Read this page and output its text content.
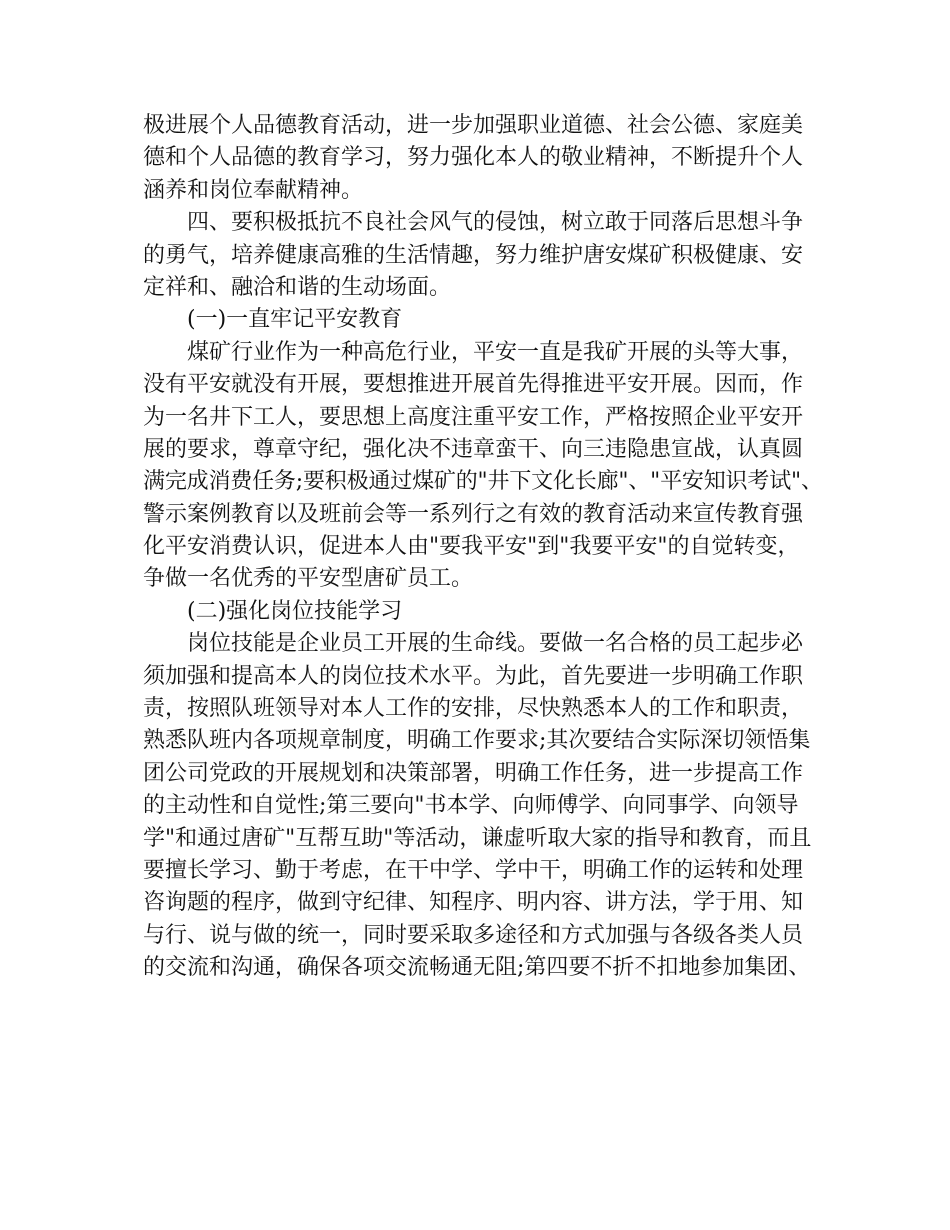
极进展个人品德教育活动，进一步加强职业道德、社会公德、家庭美

德和个人品德的教育学习，努力强化本人的敬业精神，不断提升个人

涵养和岗位奉献精神。

四、要积极抵抗不良社会风气的侵蚀，树立敢于同落后思想斗争

的勇气，培养健康高雅的生活情趣，努力维护唐安煤矿积极健康、安

定祥和、融洽和谐的生动场面。

(一)一直牢记平安教育

煤矿行业作为一种高危行业，平安一直是我矿开展的头等大事，

没有平安就没有开展，要想推进开展首先得推进平安开展。因而，作

为一名井下工人，要思想上高度注重平安工作，严格按照企业平安开

展的要求，尊章守纪，强化决不违章蛮干、向三违隐患宣战，认真圆

满完成消费任务;要积极通过煤矿的"井下文化长廊"、"平安知识考试"、

警示案例教育以及班前会等一系列行之有效的教育活动来宣传教育强

化平安消费认识，促进本人由"要我平安"到"我要平安"的自觉转变，

争做一名优秀的平安型唐矿员工。

(二)强化岗位技能学习

岗位技能是企业员工开展的生命线。要做一名合格的员工起步必

须加强和提高本人的岗位技术水平。为此，首先要进一步明确工作职

责，按照队班领导对本人工作的安排，尽快熟悉本人的工作和职责，

熟悉队班内各项规章制度，明确工作要求;其次要结合实际深切领悟集

团公司党政的开展规划和决策部署，明确工作任务，进一步提高工作

的主动性和自觉性;第三要向"书本学、向师傅学、向同事学、向领导

学"和通过唐矿"互帮互助"等活动，谦虚听取大家的指导和教育，而且

要擅长学习、勤于考虑，在干中学、学中干，明确工作的运转和处理

咨询题的程序，做到守纪律、知程序、明内容、讲方法，学于用、知

与行、说与做的统一，同时要采取多途径和方式加强与各级各类人员

的交流和沟通，确保各项交流畅通无阻;第四要不折不扣地参加集团、
